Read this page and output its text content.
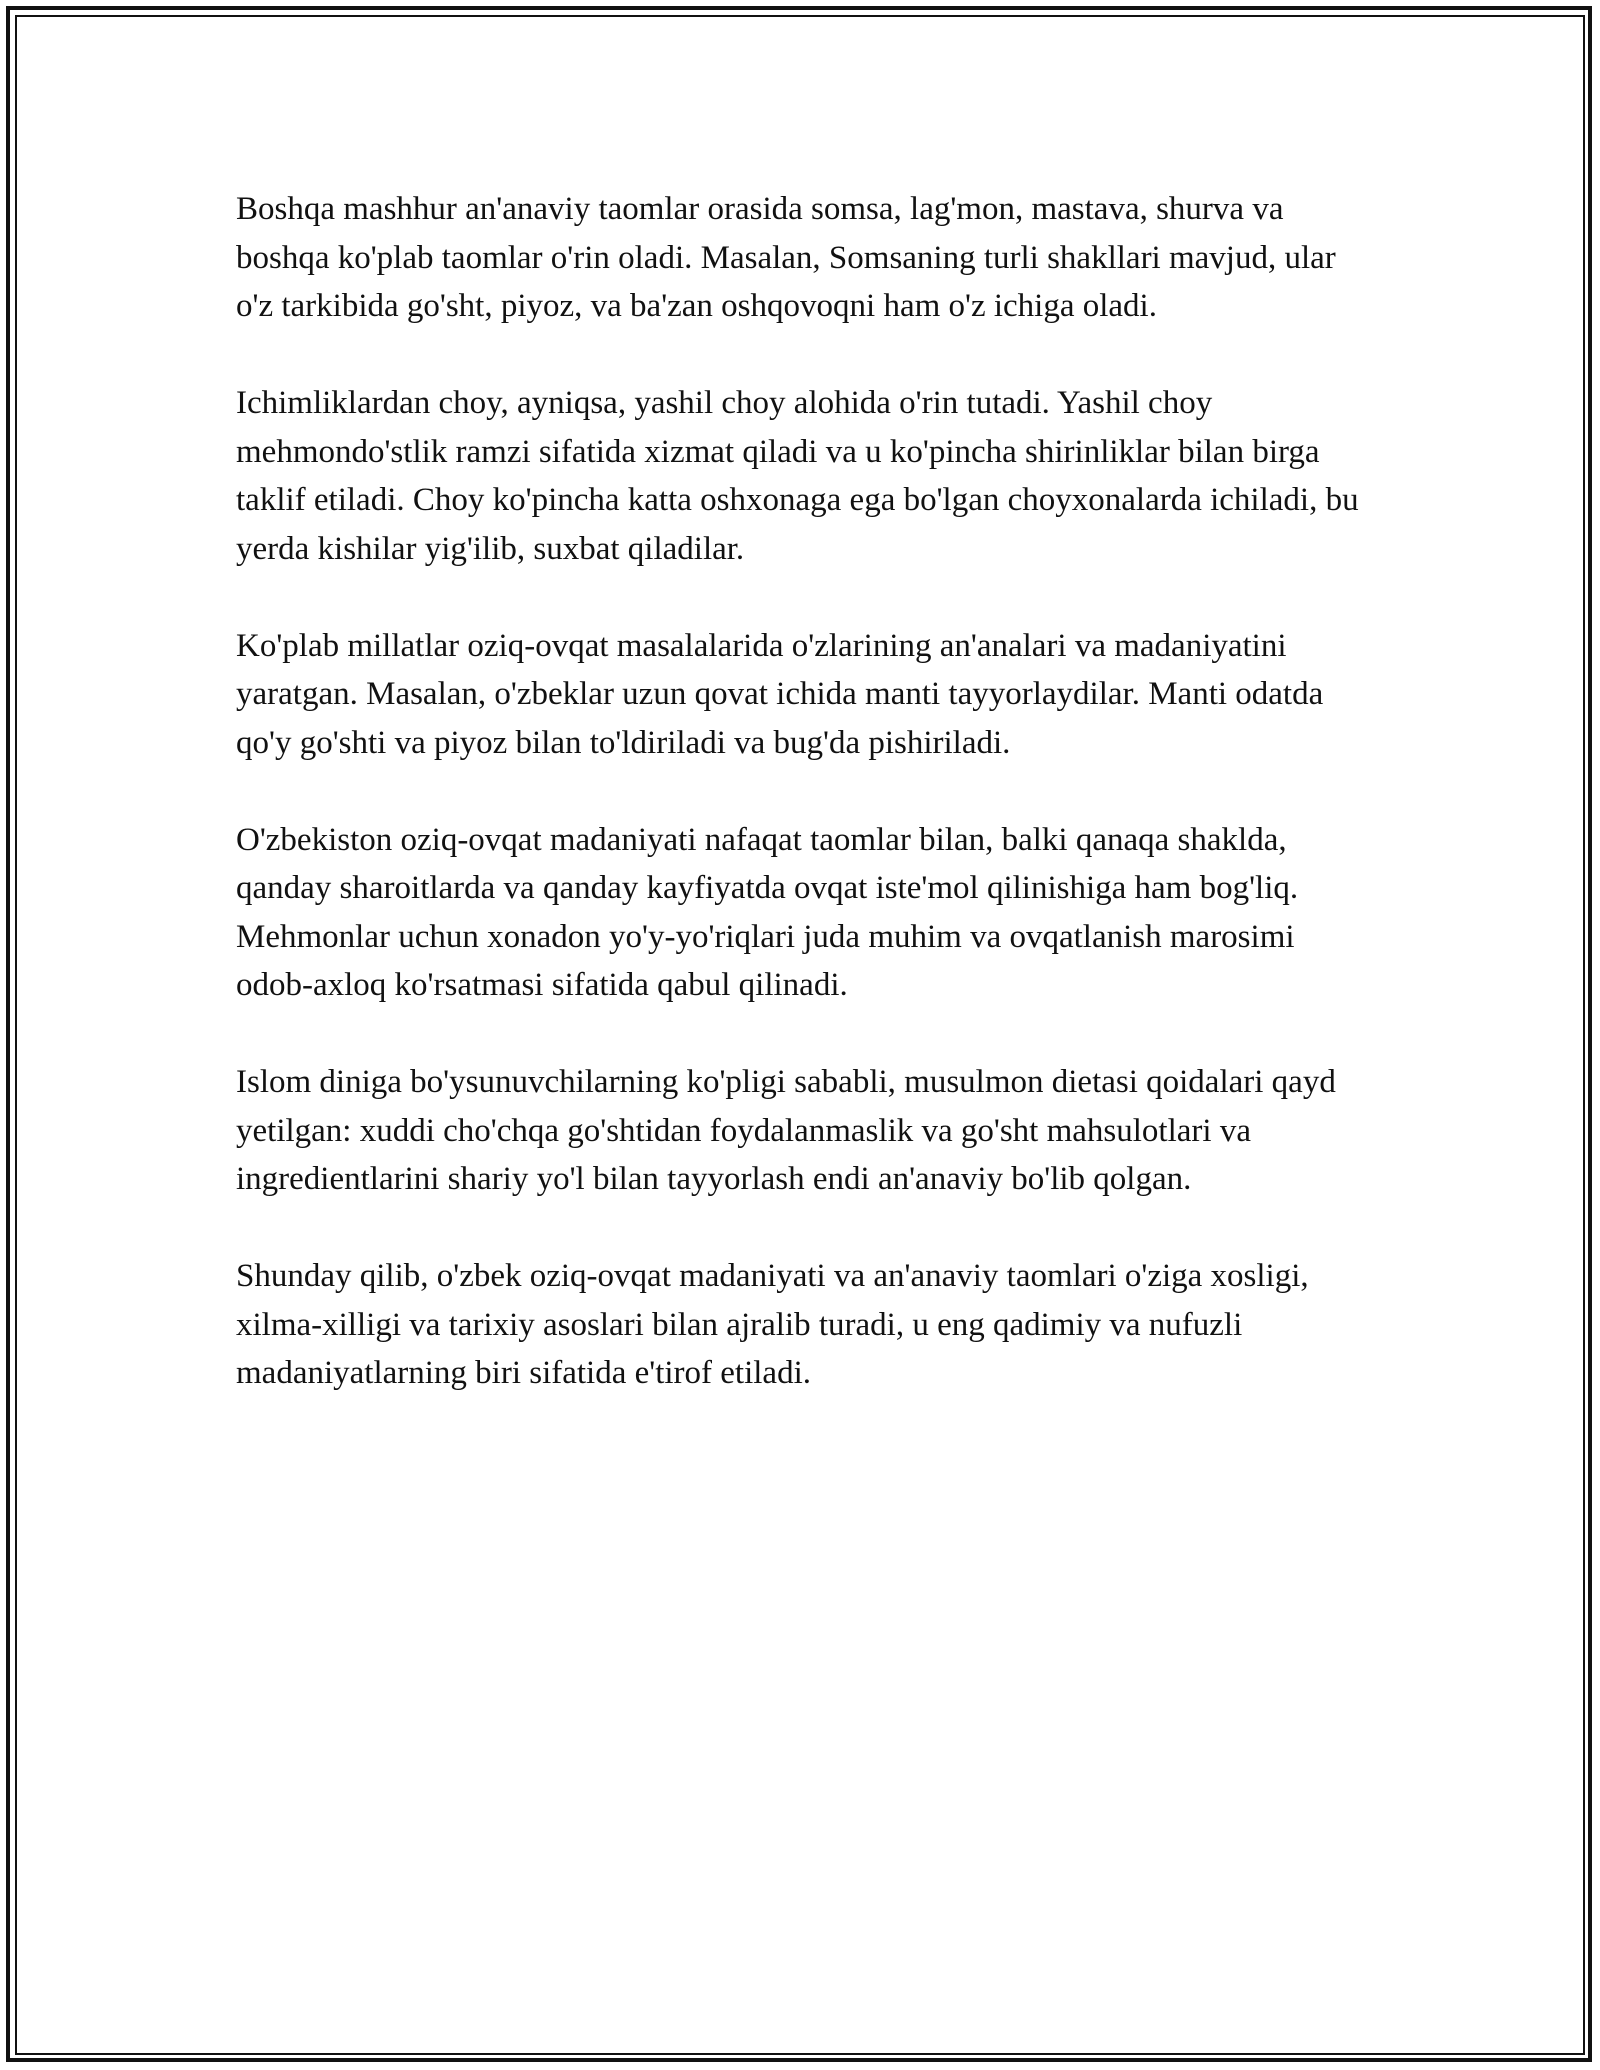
Boshqa mashhur an'anaviy taomlar orasida somsa, lag'mon, mastava, shurva va boshqa ko'plab taomlar o'rin oladi. Masalan, Somsaning turli shakllari mavjud, ular o'z tarkibida go'sht, piyoz, va ba'zan oshqovoqni ham o'z ichiga oladi.

Ichimliklardan choy, ayniqsa, yashil choy alohida o'rin tutadi. Yashil choy mehmondo'stlik ramzi sifatida xizmat qiladi va u ko'pincha shirinliklar bilan birga taklif etiladi. Choy ko'pincha katta oshxonaga ega bo'lgan choyxonalarda ichiladi, bu yerda kishilar yig'ilib, suxbat qiladilar.

Ko'plab millatlar oziq-ovqat masalalarida o'zlarining an'analari va madaniyatini yaratgan. Masalan, o'zbeklar uzun qovat ichida manti tayyorlaydilar. Manti odatda qo'y go'shti va piyoz bilan to'ldiriladi va bug'da pishiriladi.

O'zbekiston oziq-ovqat madaniyati nafaqat taomlar bilan, balki qanaqa shaklda, qanday sharoitlarda va qanday kayfiyatda ovqat iste'mol qilinishiga ham bog'liq. Mehmonlar uchun xonadon yo'y-yo'riqlari juda muhim va ovqatlanish marosimi odob-axloq ko'rsatmasi sifatida qabul qilinadi.

Islom diniga bo'ysunuvchilarning ko'pligi sababli, musulmon dietasi qoidalari qayd yetilgan: xuddi cho'chqa go'shtidan foydalanmaslik va go'sht mahsulotlari va ingredientlarini shariy yo'l bilan tayyorlash endi an'anaviy bo'lib qolgan.

Shunday qilib, o'zbek oziq-ovqat madaniyati va an'anaviy taomlari o'ziga xosligi, xilma-xilligi va tarixiy asoslari bilan ajralib turadi, u eng qadimiy va nufuzli madaniyatlarning biri sifatida e'tirof etiladi.
